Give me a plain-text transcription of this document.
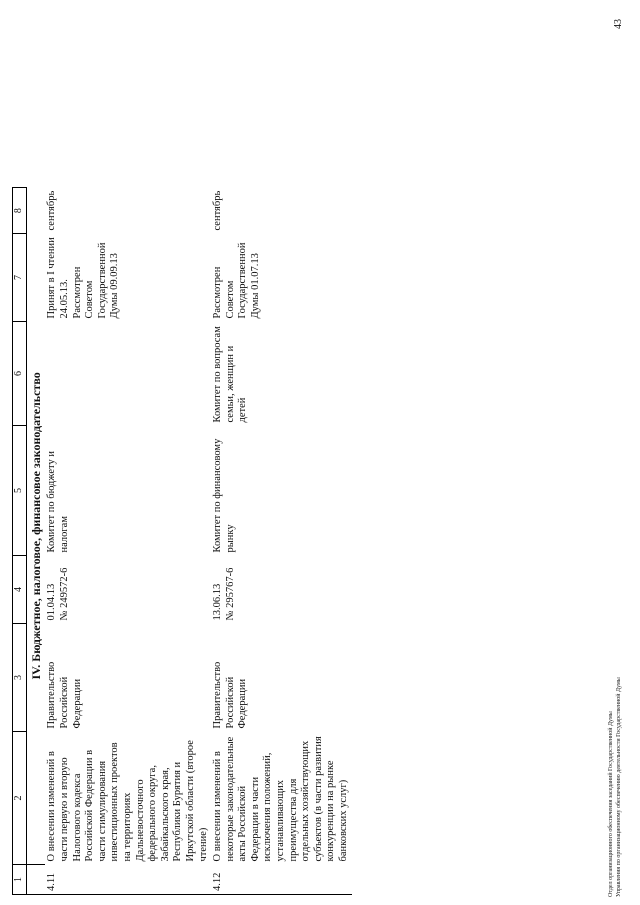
1	2	3	4	5	6	7	8
	IV. Бюджетное, налоговое, финансовое законодательство						
4.11	О внесении изменений в части первую и вторую Налогового кодекса Российской Федерации в части стимулирования инвестиционных проектов на территориях Дальневосточного федерального округа, Забайкальского края, Республики Бурятия и Иркутской области (второе чтение)	Правительство Российской Федерации	01.04.13 № 249572-6	Комитет по бюджету и налогам		Принят в I чтении 24.05.13. Рассмотрен Советом Государственной Думы 09.09.13	сентябрь
4.12	О внесении изменений в некоторые законодательные акты Российской Федерации в части исключения положений, устанавливающих преимущества для отдельных хозяйствующих субъектов (в части развития конкуренции на рынке банковских услуг)	Правительство Российской Федерации	13.06.13 № 295767-6	Комитет по финансовому рынку	Комитет по вопросам семьи, женщин и детей	Рассмотрен Советом Государственной Думы 01.07.13	сентябрь
Отдел организационного обеспечения заседаний Государственной Думы Управления по организационному обеспечению деятельности Государственной Думы
43
